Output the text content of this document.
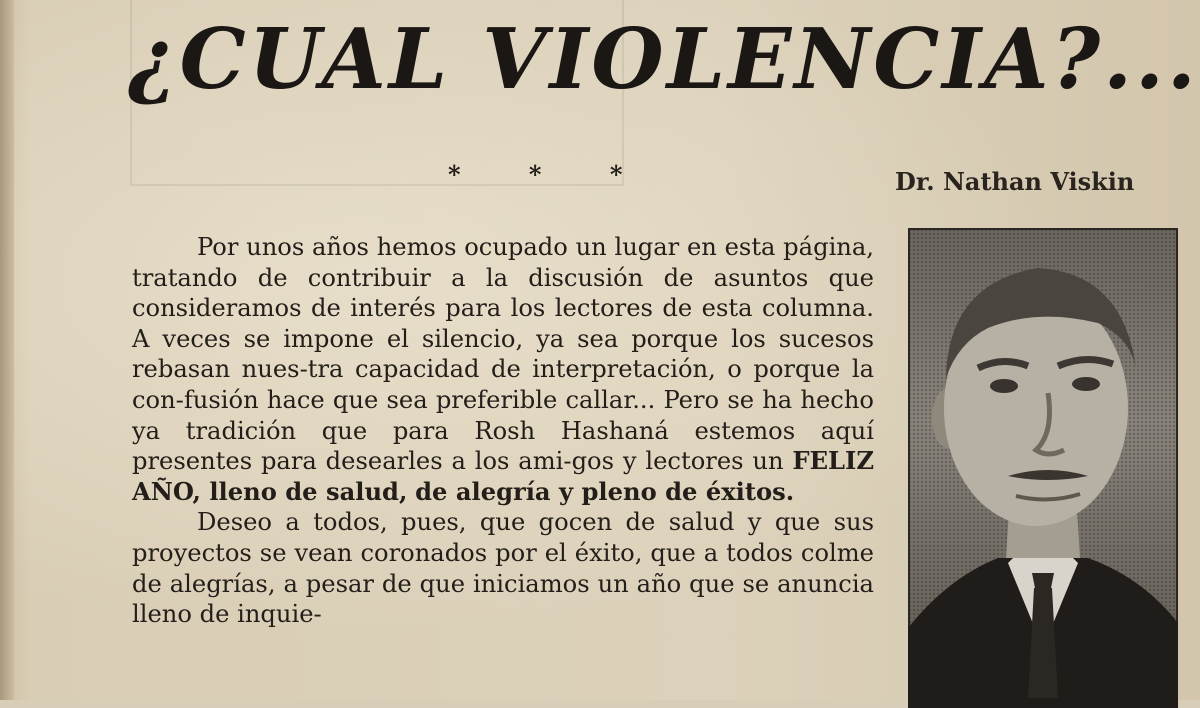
¿CUAL VIOLENCIA?...
* * *	Dr. Nathan Viskin

Por unos años hemos ocupado un lugar en esta página, tratando de contribuir a la discusión de asuntos que consideramos de interés para los lectores de esta columna. A veces se impone el silencio, ya sea porque los sucesos rebasan nues-tra capacidad de interpretación, o porque la con-fusión hace que sea preferible callar... Pero se ha hecho ya tradición que para Rosh Hashaná estemos aquí presentes para desearles a los ami-gos y lectores un FELIZ AÑO, lleno de salud, de alegría y pleno de éxitos.

Deseo a todos, pues, que gocen de salud y que sus proyectos se vean coronados por el éxito, que a todos colme de alegrías, a pesar de que iniciamos un año que se anuncia lleno de inquie-
